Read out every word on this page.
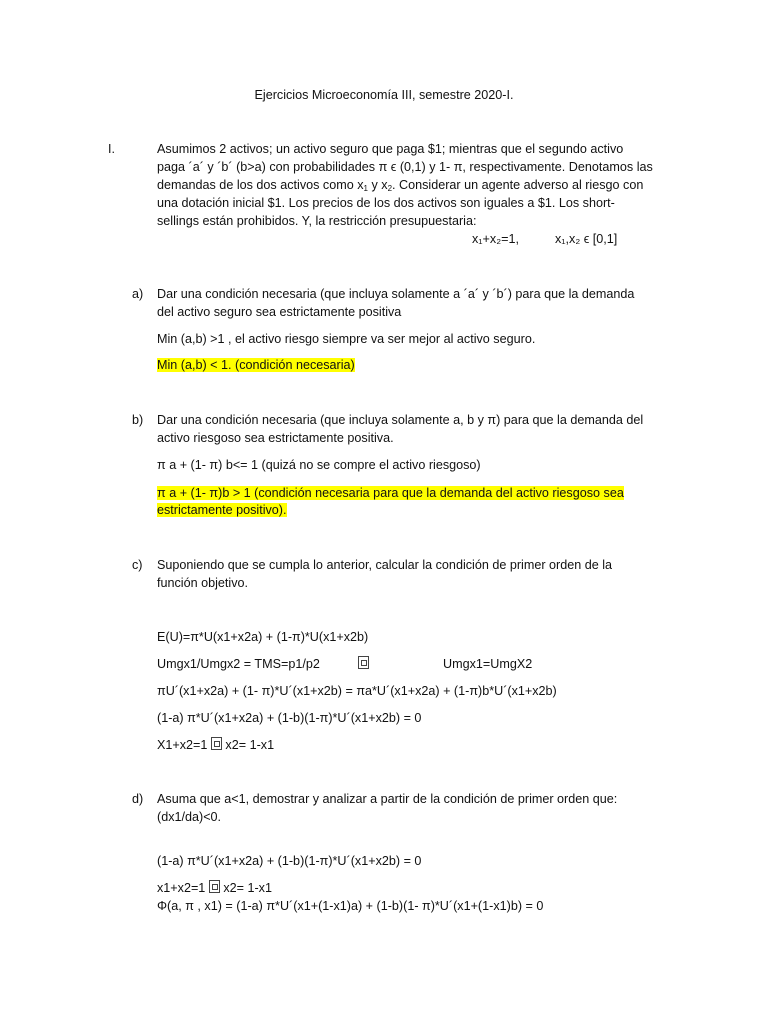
Ejercicios Microeconomía III, semestre 2020-I.
I.	Asumimos 2 activos; un activo seguro que paga $1; mientras que el segundo activo
paga ´a´ y ´b´ (b>a) con probabilidades π ϵ (0,1) y 1- π, respectivamente. Denotamos las
demandas de los dos activos como $x_1$ y $x_2$. Considerar un agente adverso al riesgo con
una dotación inicial $1. Los precios de los dos activos son iguales a $1. Los short-
sellings están prohibidos. Y, la restricción presupuestaria:
x₁+x₂=1,	x₁,x₂ ϵ [0,1]
a) Dar una condición necesaria (que incluya solamente a ´a´ y ´b´) para que la demanda
del activo seguro sea estrictamente positiva
Min (a,b) >1 , el activo riesgo siempre va ser mejor al activo seguro.
Min (a,b) < 1. (condición necesaria)
b) Dar una condición necesaria (que incluya solamente a, b y π) para que la demanda del
activo riesgoso sea estrictamente positiva.
π a + (1- π) b<= 1 (quizá no se compre el activo riesgoso)
π a + (1- π)b > 1 (condición necesaria para que la demanda del activo riesgoso sea
estrictamente positivo).
c) Suponiendo que se cumpla lo anterior, calcular la condición de primer orden de la
función objetivo.
E(U)=π*U(x1+x2a) + (1-π)*U(x1+x2b)
Umgx1/Umgx2 = TMS=p1/p2	Umgx1=UmgX2
πU´(x1+x2a) + (1- π)*U´(x1+x2b) = πa*U´(x1+x2a) + (1-π)b*U´(x1+x2b)
(1-a) π*U´(x1+x2a) + (1-b)(1-π)*U´(x1+x2b) = 0
X1+x2=1 x2= 1-x1
d) Asuma que a<1, demostrar y analizar a partir de la condición de primer orden que:
(dx1/da)<0.
(1-a) π*U´(x1+x2a) + (1-b)(1-π)*U´(x1+x2b) = 0
x1+x2=1 x2= 1-x1
Φ(a, π , x1) = (1-a) π*U´(x1+(1-x1)a) + (1-b)(1- π)*U´(x1+(1-x1)b) = 0
